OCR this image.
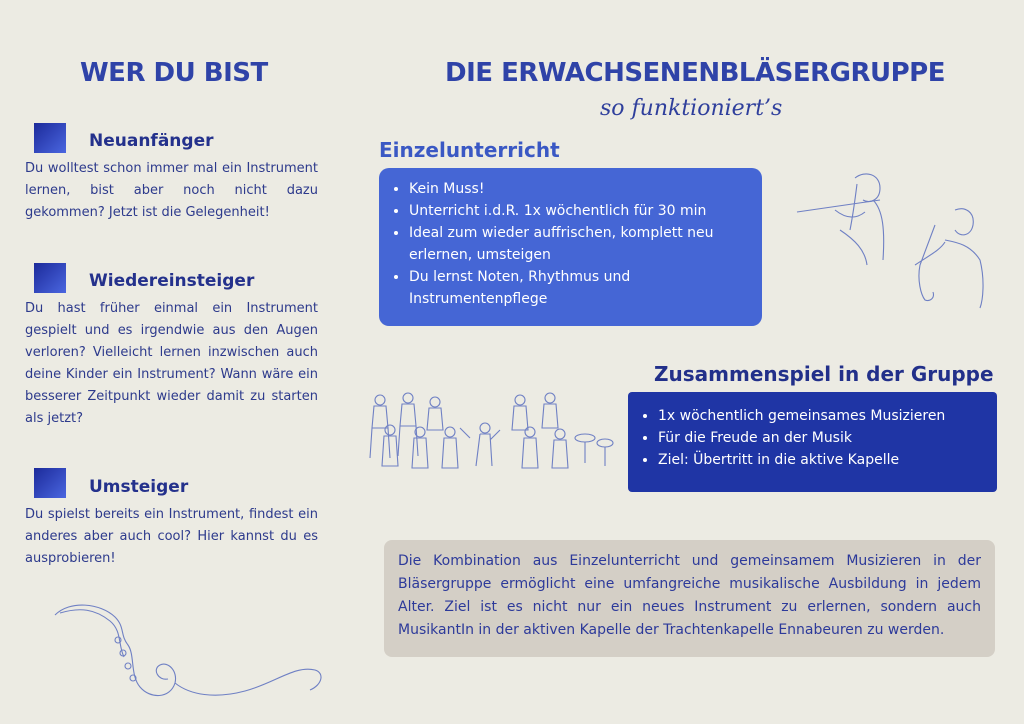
WER DU BIST
Neuanfänger
Du wolltest schon immer mal ein Instrument lernen, bist aber noch nicht dazu gekommen? Jetzt ist die Gelegenheit!
Wiedereinsteiger
Du hast früher einmal ein Instrument gespielt und es irgendwie aus den Augen verloren? Vielleicht lernen inzwischen auch deine Kinder ein Instrument? Wann wäre ein besserer Zeitpunkt wieder damit zu starten als jetzt?
Umsteiger
Du spielst bereits ein Instrument, findest ein anderes aber auch cool? Hier kannst du es ausprobieren!
DIE ERWACHSENENBLÄSERGRUPPE
so funktioniert’s
Einzelunterricht
• Kein Muss!
• Unterricht i.d.R. 1x wöchentlich für 30 min
• Ideal zum wieder auffrischen, komplett neu erlernen, umsteigen
• Du lernst Noten, Rhythmus und Instrumentenpflege
Zusammenspiel in der Gruppe
• 1x wöchentlich gemeinsames Musizieren
• Für die Freude an der Musik
• Ziel: Übertritt in die aktive Kapelle
Die Kombination aus Einzelunterricht und gemeinsamem Musizieren in der Bläsergruppe ermöglicht eine umfangreiche musikalische Ausbildung in jedem Alter. Ziel ist es nicht nur ein neues Instrument zu erlernen, sondern auch MusikantIn in der aktiven Kapelle der Trachtenkapelle Ennabeuren zu werden.
